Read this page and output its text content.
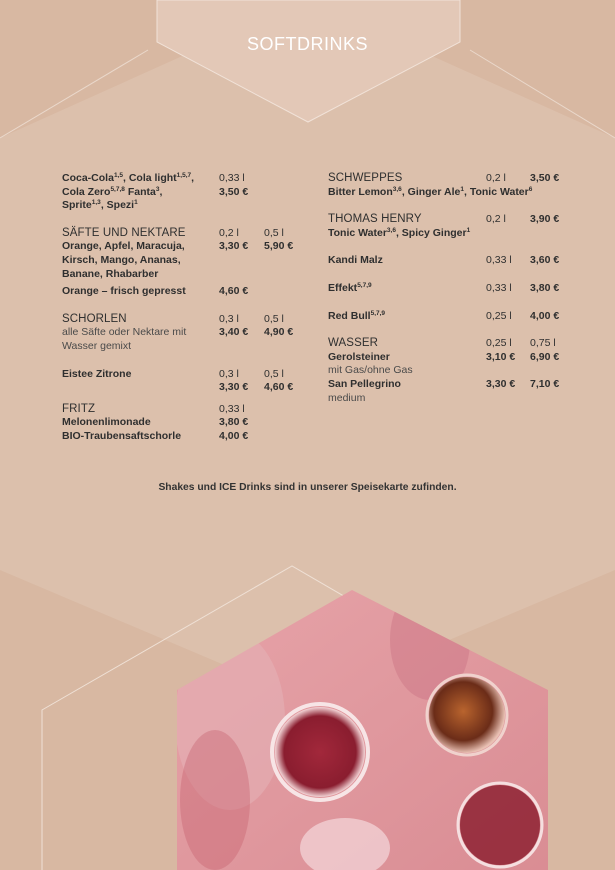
SOFTDRINKS
Coca-Cola$^{1,5}$, Cola light$^{1,5,7}$, 0,33 l
Cola Zero$^{5,7,8}$ Fanta$^3$,	3,50 €
Sprite$^{1,3}$, Spezi$^1$
SÄFTE UND NEKTARE	0,2 l 0,5 l
Orange, Apfel, Maracuja,	3,30 € 5,90 €
Kirsch, Mango, Ananas,
Banane, Rhabarber
Orange – frisch gepresst	4,60 €
SCHORLEN	0,3 l 0,5 l
alle Säfte oder Nektare mit	3,40 € 4,90 €
Wasser gemixt
Eistee Zitrone	0,3 l 0,5 l
3,30 € 4,60 €
FRITZ	0,33 l
Melonenlimonade	3,80 €
BIO-Traubensaftschorle	4,00 €
SCHWEPPES	0,2 l 3,50 €
Bitter Lemon$^{3,6}$, Ginger Ale$^1$, Tonic Water$^6$
THOMAS HENRY	0,2 l 3,90 €
Tonic Water$^{3,6}$, Spicy Ginger$^1$
Kandi Malz	0,33 l 3,60 €
Effekt$^{5,7,9}$	0,33 l 3,80 €
Red Bull$^{5,7,9}$	0,25 l 4,00 €
WASSER	0,25 l 0,75 l
Gerolsteiner	3,10 € 6,90 €
mit Gas/ohne Gas
San Pellegrino	3,30 € 7,10 €
medium
Shakes und ICE Drinks sind in unserer Speisekarte zufinden.
